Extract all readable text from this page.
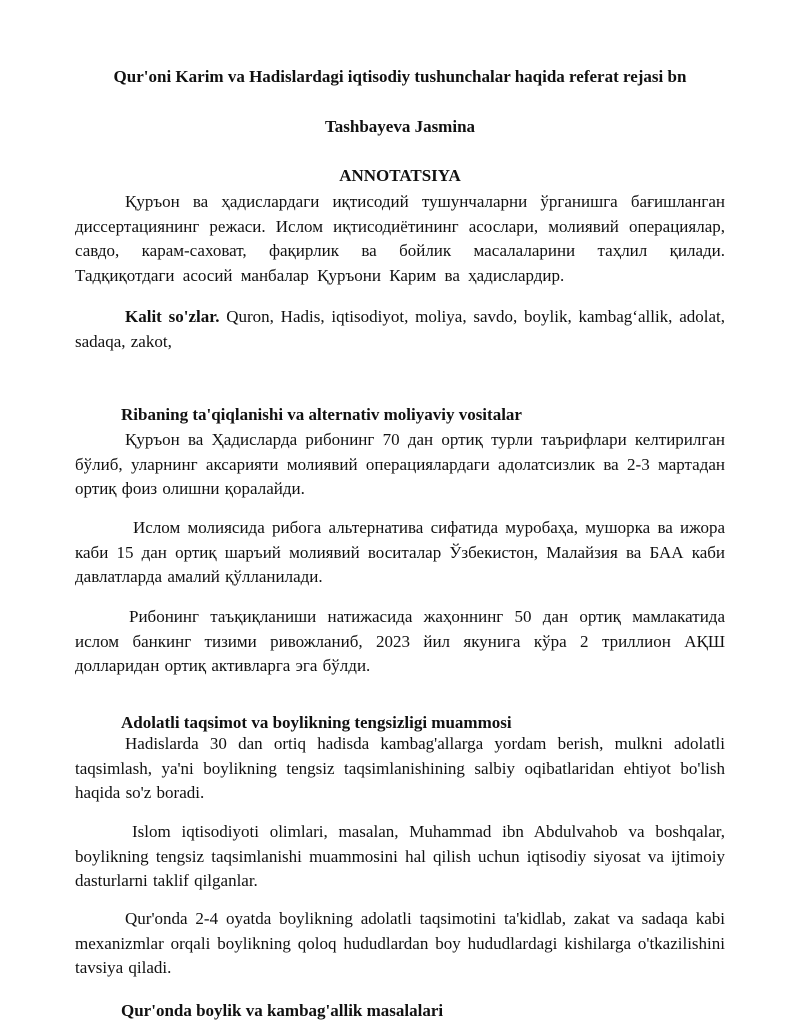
Qur'oni Karim va Hadislardagi iqtisodiy tushunchalar haqida referat rejasi bn

Tashbayeva Jasmina

ANNOTATSIYA

Қуръон ва ҳадислардаги иқтисодий тушунчаларни ўрганишга бағишланган диссертациянинг режаси. Ислом иқтисодиётининг асослари, молиявий операциялар, савдо, карам-саховат, фақирлик ва бойлик масалаларини таҳлил қилади. Тадқиқотдаги асосий манбалар Қуръони Карим ва ҳадислардир.

Kalit so'zlar. Quron, Hadis, iqtisodiyot, moliya, savdo, boylik, kambag‘allik, adolat, sadaqa, zakot,

Ribaning ta'qiqlanishi va alternativ moliyaviy vositalar

Қуръон ва Ҳадисларда рибонинг 70 дан ортиқ турли таърифлари келтирилган бўлиб, уларнинг аксарияти молиявий операциялардаги адолатсизлик ва 2-3 мартадан ортиқ фоиз олишни қоралайди.

Ислом молиясида рибога альтернатива сифатида муробаҳа, мушорка ва ижора каби 15 дан ортиқ шаръий молиявий воситалар Ўзбекистон, Малайзия ва БАА каби давлатларда амалий қўлланилади.

Рибонинг таъқиқланиши натижасида жаҳоннинг 50 дан ортиқ мамлакатида ислом банкинг тизими ривожланиб, 2023 йил якунига кўра 2 триллион АҚШ долларидан ортиқ активларга эга бўлди.

Adolatli taqsimot va boylikning tengsizligi muammosi

Hadislarda 30 dan ortiq hadisda kambag'allarga yordam berish, mulkni adolatli taqsimlash, ya'ni boylikning tengsiz taqsimlanishining salbiy oqibatlaridan ehtiyot bo'lish haqida so'z boradi.

Islom iqtisodiyoti olimlari, masalan, Muhammad ibn Abdulvahob va boshqalar, boylikning tengsiz taqsimlanishi muammosini hal qilish uchun iqtisodiy siyosat va ijtimoiy dasturlarni taklif qilganlar.

Qur'onda 2-4 oyatda boylikning adolatli taqsimotini ta'kidlab, zakat va sadaqa kabi mexanizmlar orqali boylikning qoloq hududlardan boy hududlardagi kishilarga o'tkazilishini tavsiya qiladi.

Qur'onda boylik va kambag'allik masalalari
